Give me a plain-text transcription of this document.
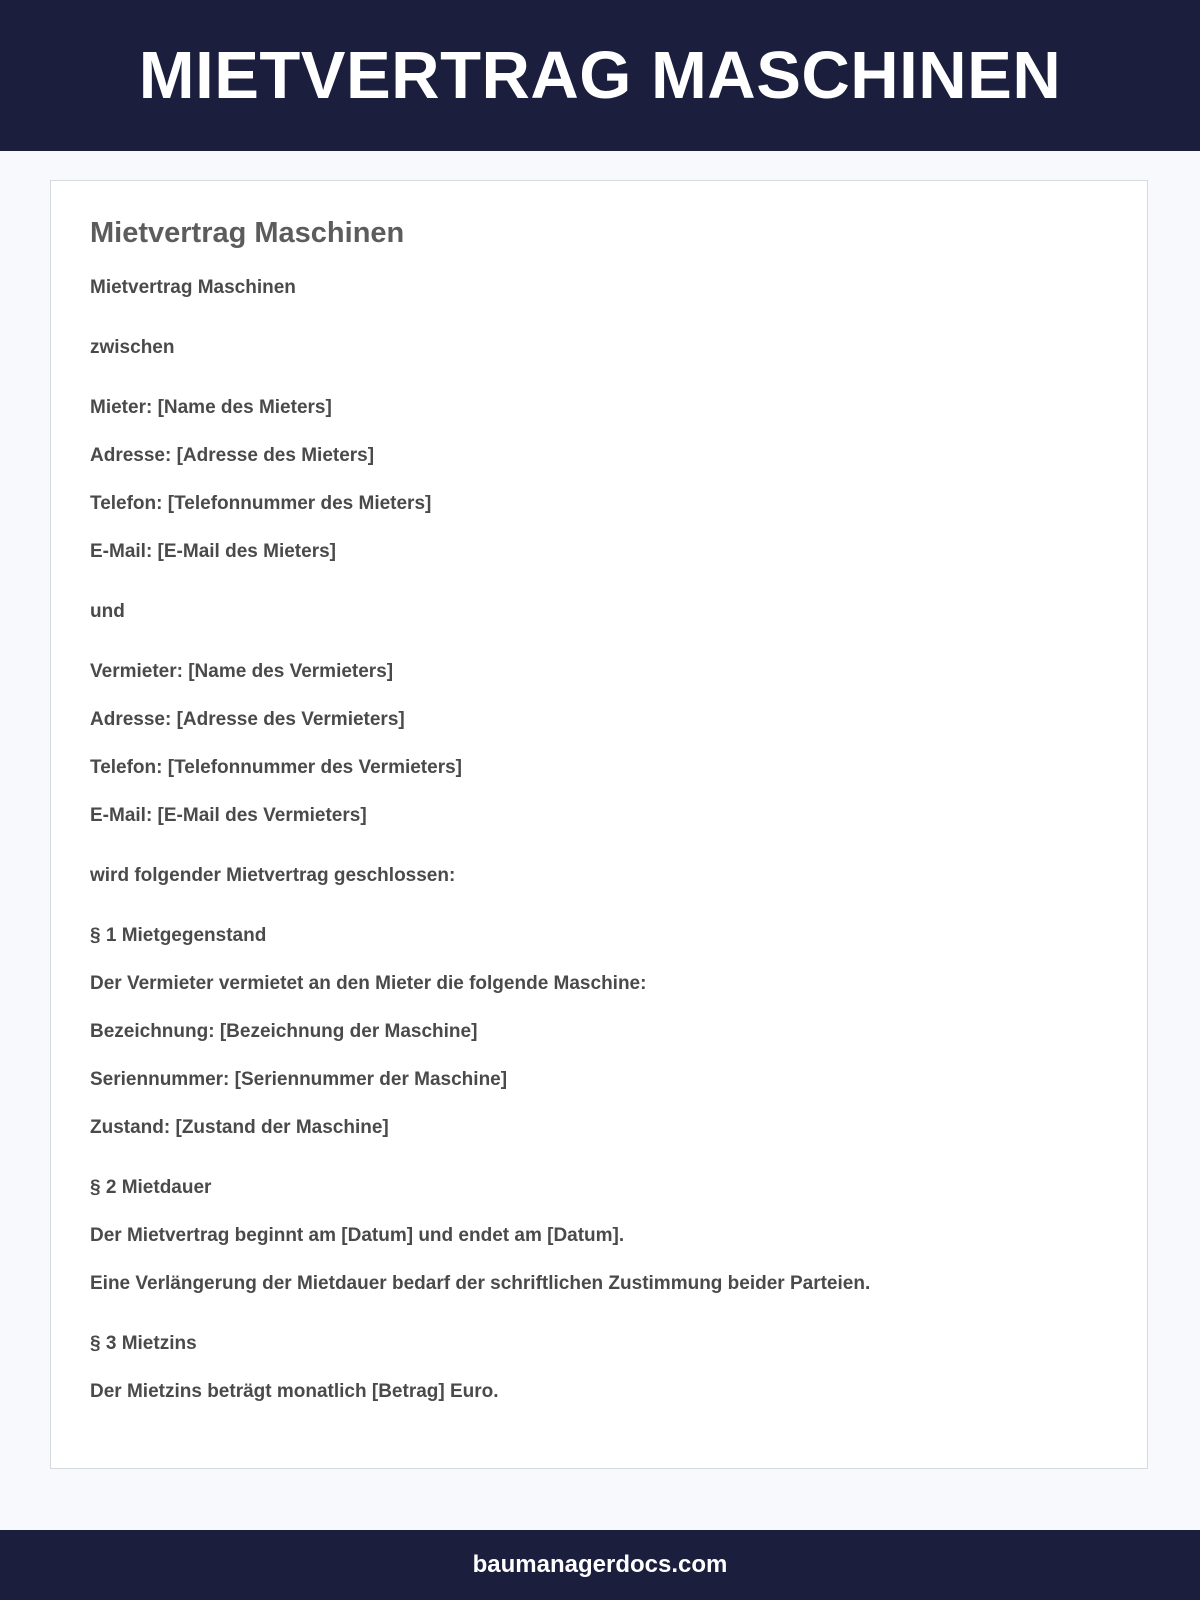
MIETVERTRAG MASCHINEN
Mietvertrag Maschinen

Mietvertrag Maschinen

zwischen

Mieter: [Name des Mieters]

Adresse: [Adresse des Mieters]

Telefon: [Telefonnummer des Mieters]

E-Mail: [E-Mail des Mieters]

und

Vermieter: [Name des Vermieters]

Adresse: [Adresse des Vermieters]

Telefon: [Telefonnummer des Vermieters]

E-Mail: [E-Mail des Vermieters]

wird folgender Mietvertrag geschlossen:

§ 1 Mietgegenstand

Der Vermieter vermietet an den Mieter die folgende Maschine:

Bezeichnung: [Bezeichnung der Maschine]

Seriennummer: [Seriennummer der Maschine]

Zustand: [Zustand der Maschine]

§ 2 Mietdauer

Der Mietvertrag beginnt am [Datum] und endet am [Datum].

Eine Verlängerung der Mietdauer bedarf der schriftlichen Zustimmung beider Parteien.

§ 3 Mietzins

Der Mietzins beträgt monatlich [Betrag] Euro.

baumanagerdocs.com
